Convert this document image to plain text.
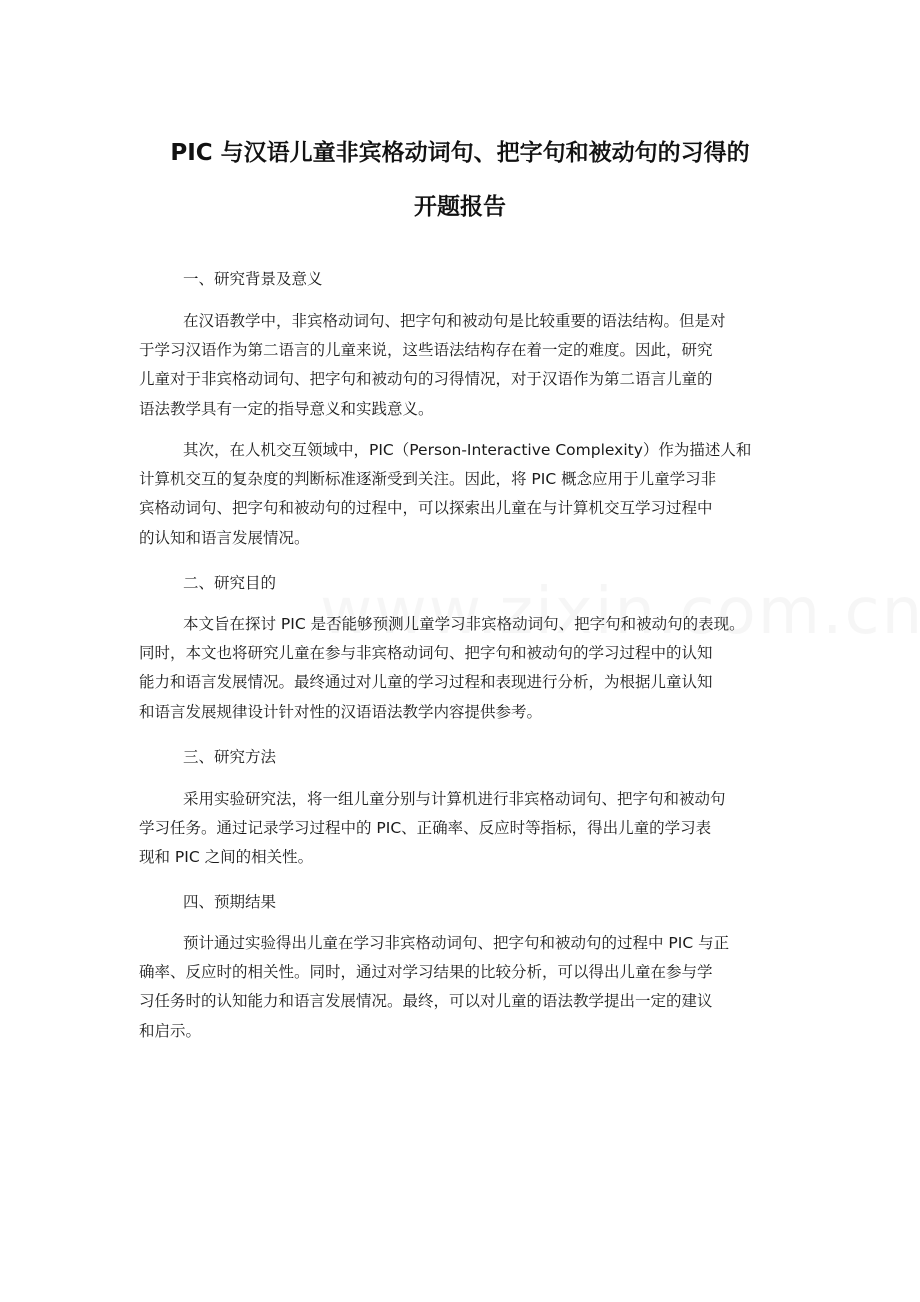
PIC 与汉语儿童非宾格动词句、把字句和被动句的习得的
开题报告
一、研究背景及意义
在汉语教学中，非宾格动词句、把字句和被动句是比较重要的语法结构。但是对
于学习汉语作为第二语言的儿童来说，这些语法结构存在着一定的难度。因此，研究
儿童对于非宾格动词句、把字句和被动句的习得情况，对于汉语作为第二语言儿童的
语法教学具有一定的指导意义和实践意义。
其次，在人机交互领域中，PIC（Person-Interactive Complexity）作为描述人和
计算机交互的复杂度的判断标准逐渐受到关注。因此，将 PIC 概念应用于儿童学习非
宾格动词句、把字句和被动句的过程中，可以探索出儿童在与计算机交互学习过程中
的认知和语言发展情况。
二、研究目的
本文旨在探讨 PIC 是否能够预测儿童学习非宾格动词句、把字句和被动句的表现。
同时，本文也将研究儿童在参与非宾格动词句、把字句和被动句的学习过程中的认知
能力和语言发展情况。最终通过对儿童的学习过程和表现进行分析，为根据儿童认知
和语言发展规律设计针对性的汉语语法教学内容提供参考。
三、研究方法
采用实验研究法，将一组儿童分别与计算机进行非宾格动词句、把字句和被动句
学习任务。通过记录学习过程中的 PIC、正确率、反应时等指标，得出儿童的学习表
现和 PIC 之间的相关性。
四、预期结果
预计通过实验得出儿童在学习非宾格动词句、把字句和被动句的过程中 PIC 与正
确率、反应时的相关性。同时，通过对学习结果的比较分析，可以得出儿童在参与学
习任务时的认知能力和语言发展情况。最终，可以对儿童的语法教学提出一定的建议
和启示。
